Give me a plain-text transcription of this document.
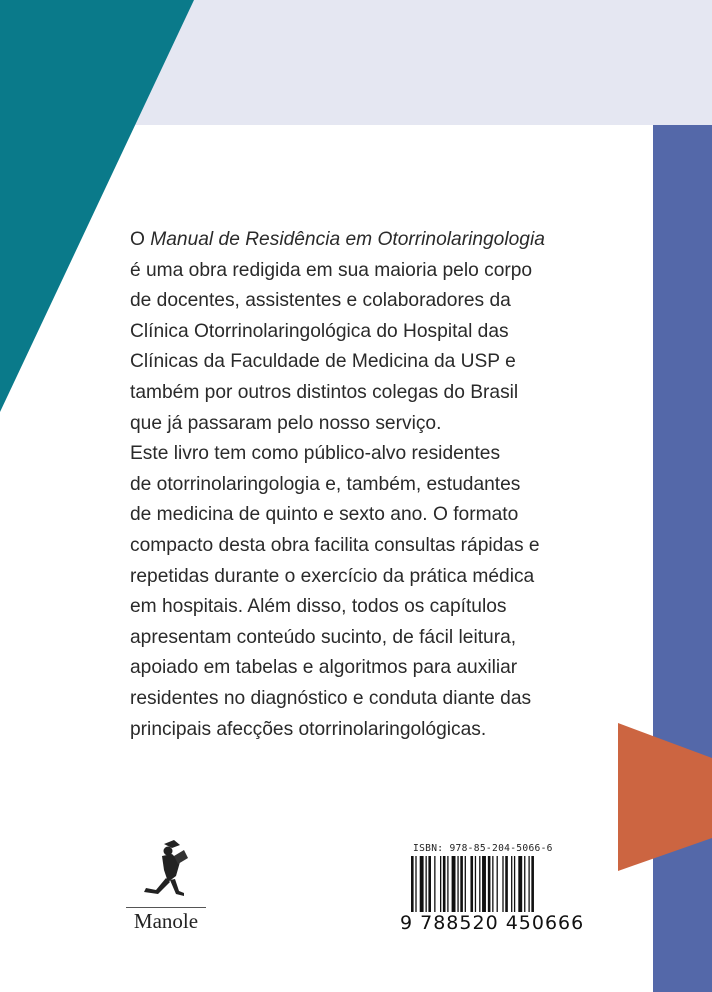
O Manual de Residência em Otorrinolaringologia
é uma obra redigida em sua maioria pelo corpo
de docentes, assistentes e colaboradores da
Clínica Otorrinolaringológica do Hospital das
Clínicas da Faculdade de Medicina da USP e
também por outros distintos colegas do Brasil
que já passaram pelo nosso serviço.
Este livro tem como público-alvo residentes
de otorrinolaringologia e, também, estudantes
de medicina de quinto e sexto ano. O formato
compacto desta obra facilita consultas rápidas e
repetidas durante o exercício da prática médica
em hospitais. Além disso, todos os capítulos
apresentam conteúdo sucinto, de fácil leitura,
apoiado em tabelas e algoritmos para auxiliar
residentes no diagnóstico e conduta diante das
principais afecções otorrinolaringológicas.
Manole
ISBN: 978-85-204-5066-6
9 788520 450666
